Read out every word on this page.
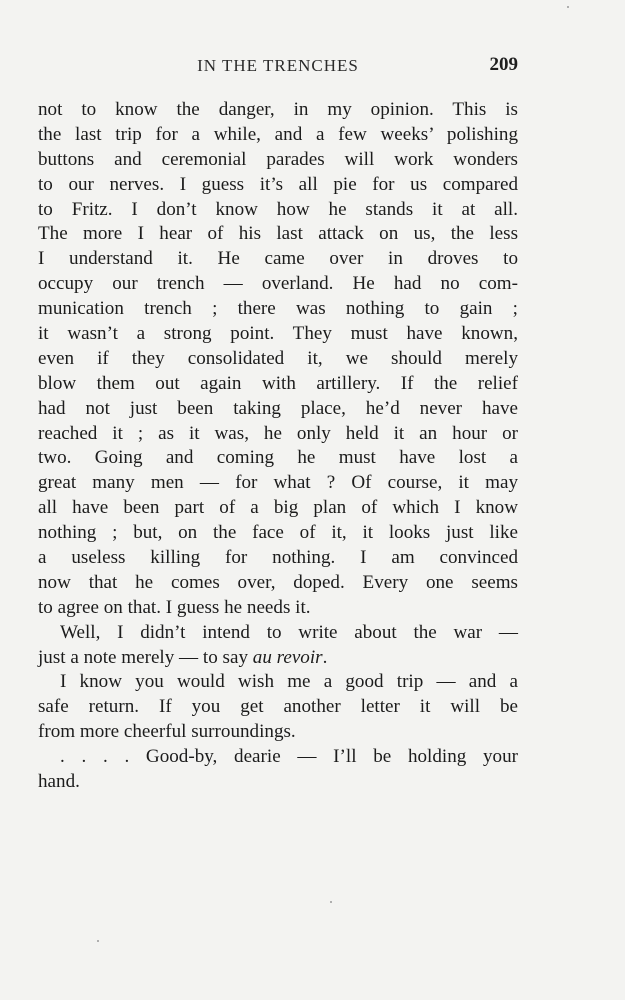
IN THE TRENCHES	209
not to know the danger, in my opinion. This is
the last trip for a while, and a few weeks’ polishing
buttons and ceremonial parades will work wonders
to our nerves. I guess it’s all pie for us compared
to Fritz. I don’t know how he stands it at all.
The more I hear of his last attack on us, the less
I understand it. He came over in droves to
occupy our trench — overland. He had no com-
munication trench ; there was nothing to gain ;
it wasn’t a strong point. They must have known,
even if they consolidated it, we should merely
blow them out again with artillery. If the relief
had not just been taking place, he’d never have
reached it ; as it was, he only held it an hour or
two. Going and coming he must have lost a
great many men — for what ? Of course, it may
all have been part of a big plan of which I know
nothing ; but, on the face of it, it looks just like
a useless killing for nothing. I am convinced
now that he comes over, doped. Every one seems
to agree on that. I guess he needs it.
Well, I didn’t intend to write about the war —
just a note merely — to say au revoir.
I know you would wish me a good trip — and a
safe return. If you get another letter it will be
from more cheerful surroundings.
. . . . Good-by, dearie — I’ll be holding your
hand.
